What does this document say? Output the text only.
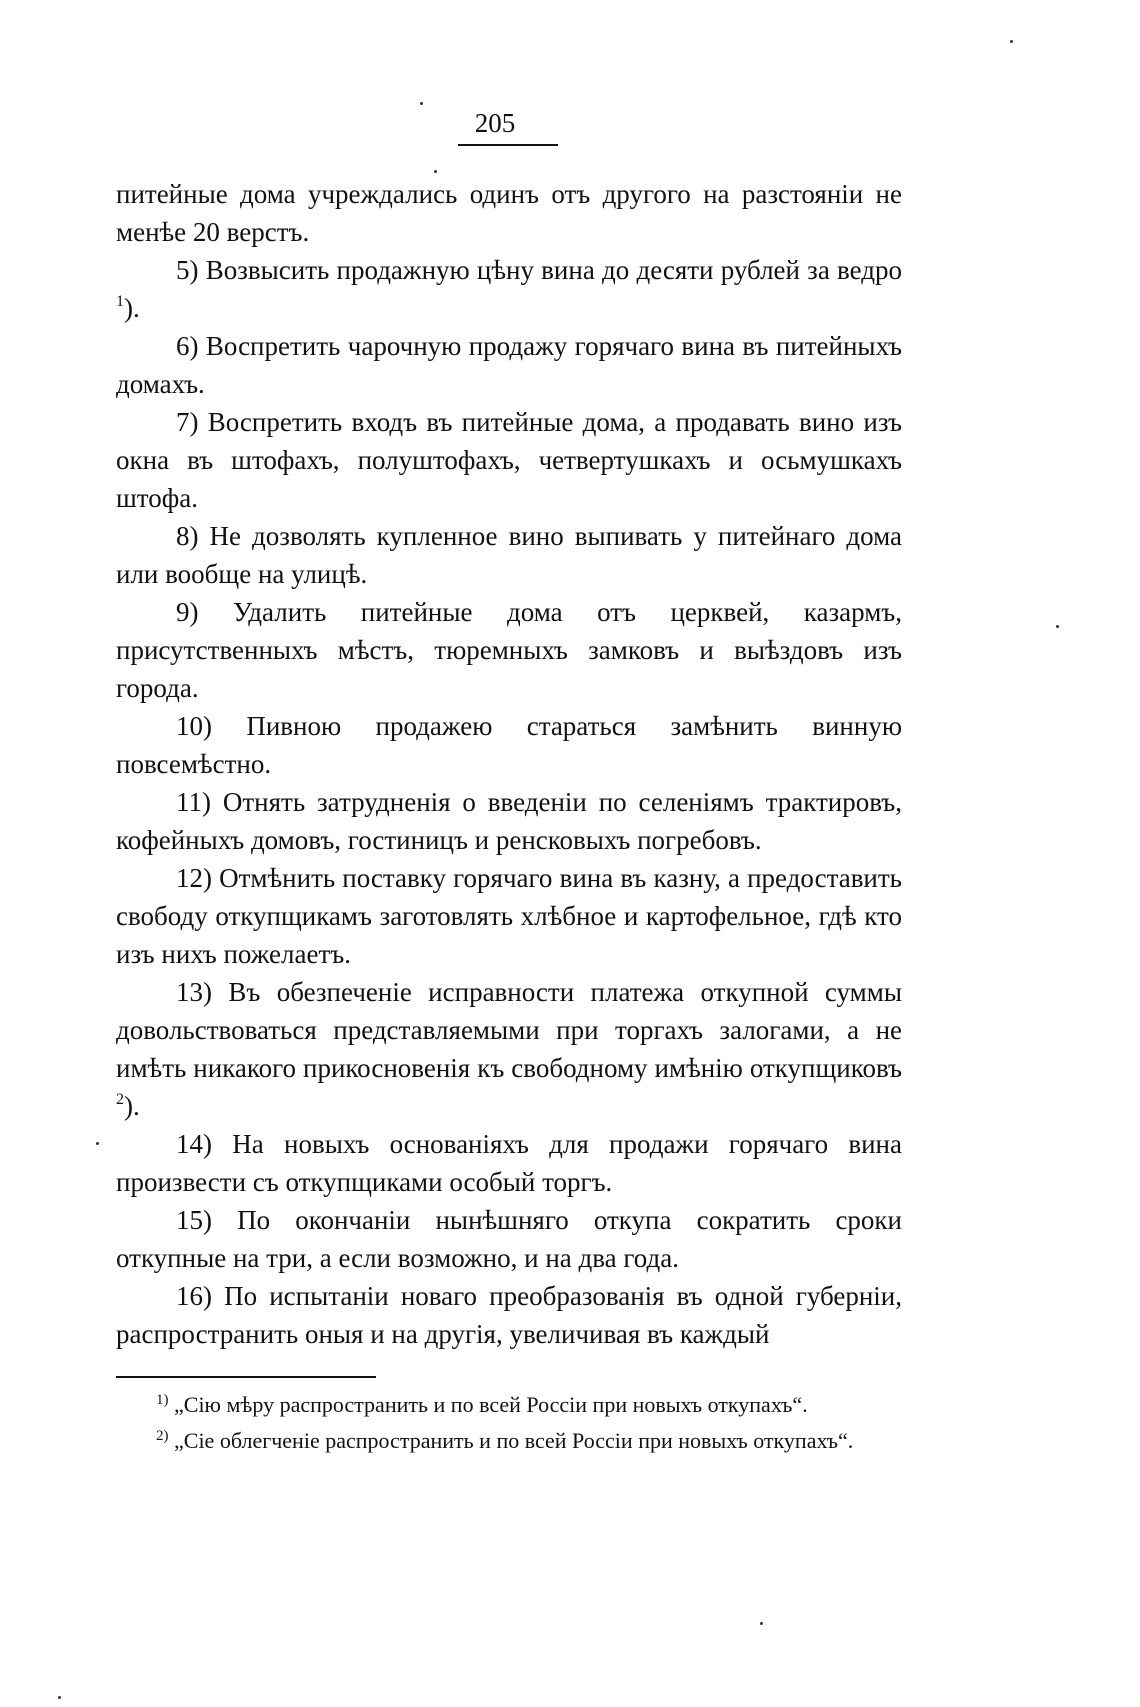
205

питейные дома учреждались одинъ отъ другого на разстояніи не менѣе 20 верстъ.

5) Возвысить продажную цѣну вина до десяти рублей за ведро $^1$).

6) Воспретить чарочную продажу горячаго вина въ питейныхъ домахъ.

7) Воспретить входъ въ питейные дома, а продавать вино изъ окна въ штофахъ, полуштофахъ, четвертушкахъ и осьмушкахъ штофа.

8) Не дозволять купленное вино выпивать у питейнаго дома или вообще на улицѣ.

9) Удалить питейные дома отъ церквей, казармъ, присутственныхъ мѣстъ, тюремныхъ замковъ и выѣздовъ изъ города.

10) Пивною продажею стараться замѣнить винную повсемѣстно.

11) Отнять затрудненія о введеніи по селеніямъ трактировъ, кофейныхъ домовъ, гостиницъ и ренсковыхъ погребовъ.

12) Отмѣнить поставку горячаго вина въ казну, а предоставить свободу откупщикамъ заготовлять хлѣбное и картофельное, гдѣ кто изъ нихъ пожелаетъ.

13) Въ обезпеченіе исправности платежа откупной суммы довольствоваться представляемыми при торгахъ залогами, а не имѣть никакого прикосновенія къ свободному имѣнію откупщиковъ $^2$).

14) На новыхъ основаніяхъ для продажи горячаго вина произвести съ откупщиками особый торгъ.

15) По окончаніи нынѣшняго откупа сократить сроки откупные на три, а если возможно, и на два года.

16) По испытаніи новаго преобразованія въ одной губерніи, распространить оныя и на другія, увеличивая въ каждый

$^{1)}$ „Сію мѣру распространить и по всей Россіи при новыхъ откупахъ“.

$^{2)}$ „Сіе облегченіе распространить и по всей Россіи при новыхъ откупахъ“.
